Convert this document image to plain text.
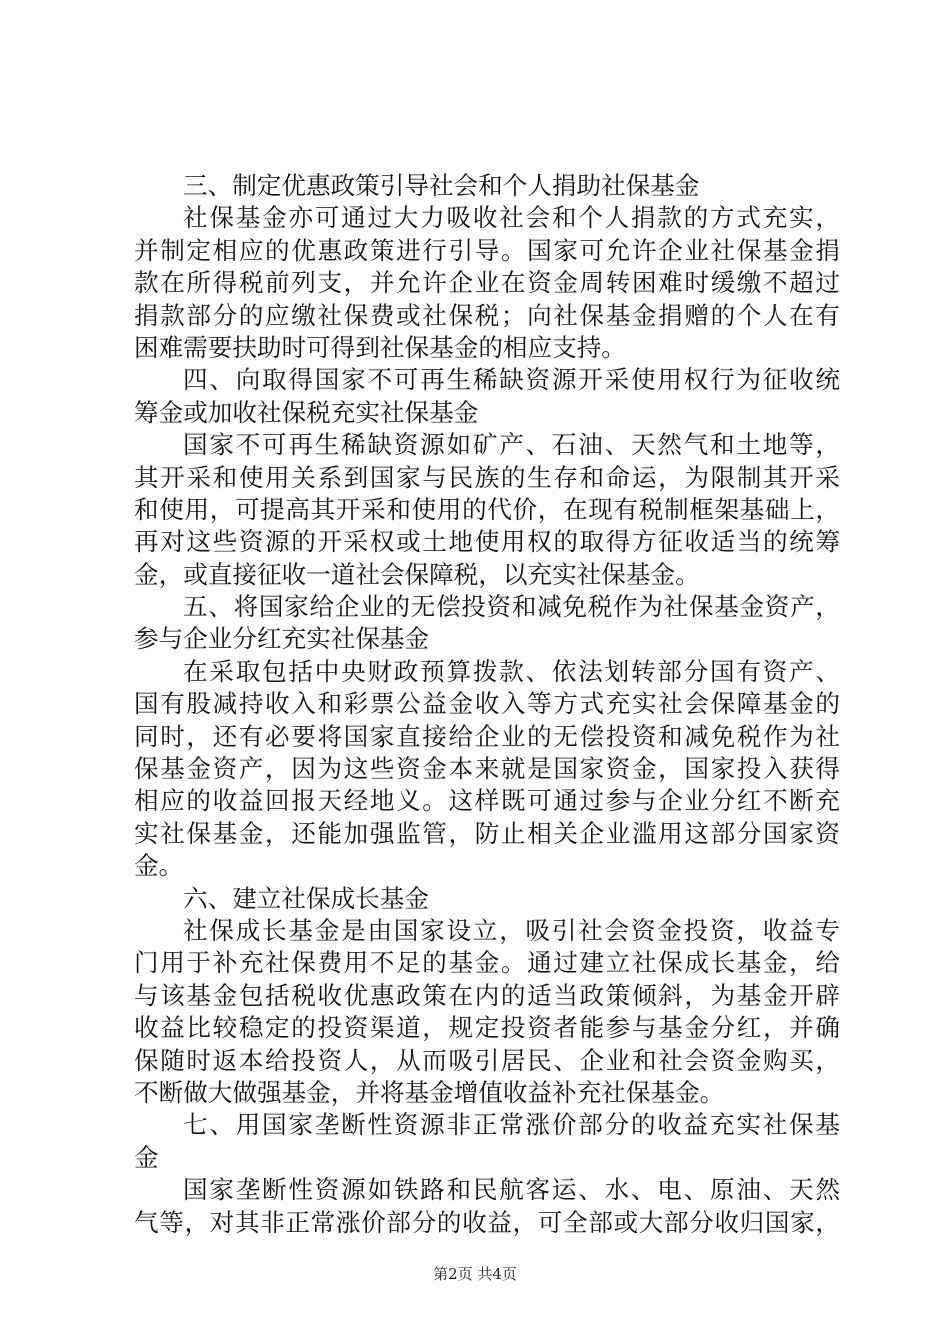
三、制定优惠政策引导社会和个人捐助社保基金
社保基金亦可通过大力吸收社会和个人捐款的方式充实，
并制定相应的优惠政策进行引导。国家可允许企业社保基金捐
款在所得税前列支，并允许企业在资金周转困难时缓缴不超过
捐款部分的应缴社保费或社保税；向社保基金捐赠的个人在有
困难需要扶助时可得到社保基金的相应支持。
四、向取得国家不可再生稀缺资源开采使用权行为征收统
筹金或加收社保税充实社保基金
国家不可再生稀缺资源如矿产、石油、天然气和土地等，
其开采和使用关系到国家与民族的生存和命运，为限制其开采
和使用，可提高其开采和使用的代价，在现有税制框架基础上，
再对这些资源的开采权或土地使用权的取得方征收适当的统筹
金，或直接征收一道社会保障税，以充实社保基金。
五、将国家给企业的无偿投资和减免税作为社保基金资产，
参与企业分红充实社保基金
在采取包括中央财政预算拨款、依法划转部分国有资产、
国有股减持收入和彩票公益金收入等方式充实社会保障基金的
同时，还有必要将国家直接给企业的无偿投资和减免税作为社
保基金资产，因为这些资金本来就是国家资金，国家投入获得
相应的收益回报天经地义。这样既可通过参与企业分红不断充
实社保基金，还能加强监管，防止相关企业滥用这部分国家资
金。
六、建立社保成长基金
社保成长基金是由国家设立，吸引社会资金投资，收益专
门用于补充社保费用不足的基金。通过建立社保成长基金，给
与该基金包括税收优惠政策在内的适当政策倾斜，为基金开辟
收益比较稳定的投资渠道，规定投资者能参与基金分红，并确
保随时返本给投资人，从而吸引居民、企业和社会资金购买，
不断做大做强基金，并将基金增值收益补充社保基金。
七、用国家垄断性资源非正常涨价部分的收益充实社保基
金
国家垄断性资源如铁路和民航客运、水、电、原油、天然
气等，对其非正常涨价部分的收益，可全部或大部分收归国家，
第2页 共4页
